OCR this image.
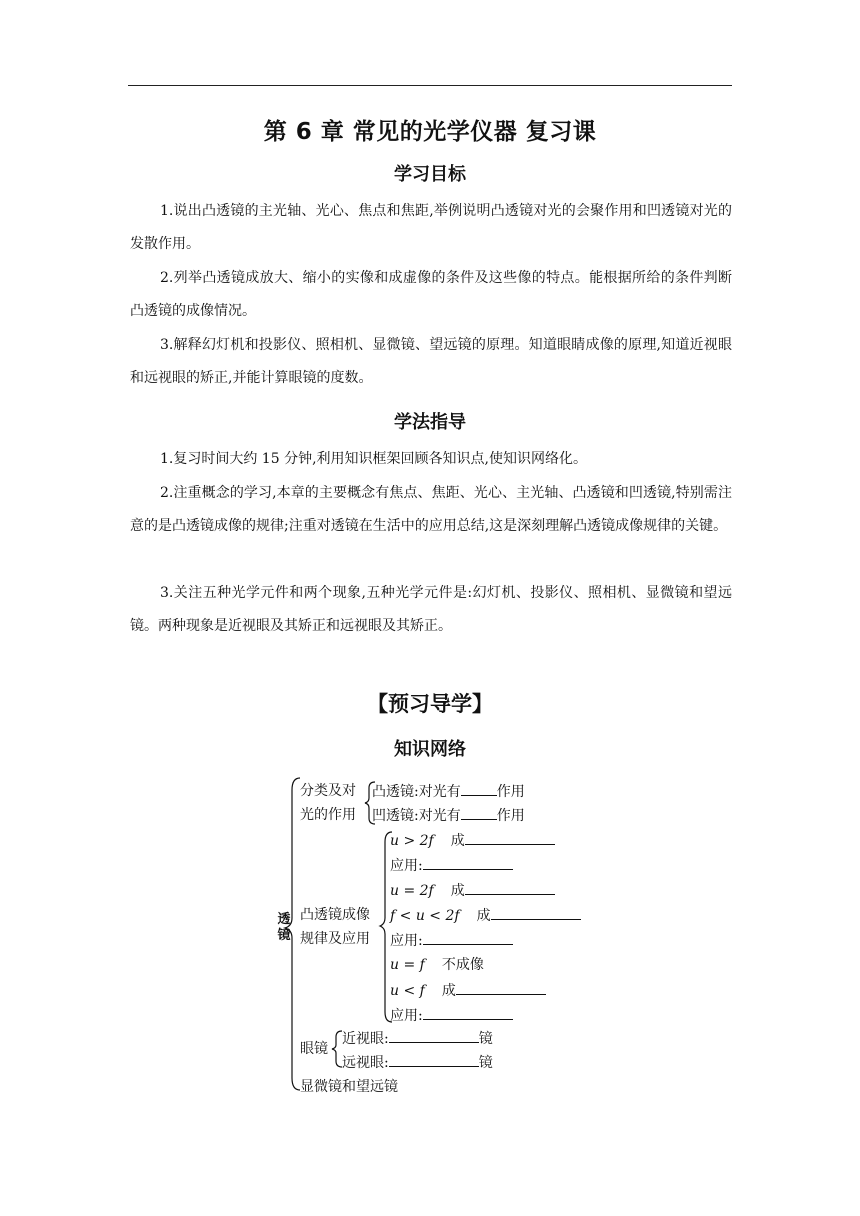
第 6 章 常见的光学仪器 复习课
学习目标
1.说出凸透镜的主光轴、光心、焦点和焦距,举例说明凸透镜对光的会聚作用和凹透镜对光的发散作用。
2.列举凸透镜成放大、缩小的实像和成虚像的条件及这些像的特点。能根据所给的条件判断凸透镜的成像情况。
3.解释幻灯机和投影仪、照相机、显微镜、望远镜的原理。知道眼睛成像的原理,知道近视眼和远视眼的矫正,并能计算眼镜的度数。
学法指导
1.复习时间大约 15 分钟,利用知识框架回顾各知识点,使知识网络化。
2.注重概念的学习,本章的主要概念有焦点、焦距、光心、主光轴、凸透镜和凹透镜,特别需注意的是凸透镜成像的规律;注重对透镜在生活中的应用总结,这是深刻理解凸透镜成像规律的关键。
3.关注五种光学元件和两个现象,五种光学元件是:幻灯机、投影仪、照相机、显微镜和望远镜。两种现象是近视眼及其矫正和远视眼及其矫正。
【预习导学】
知识网络
透镜
分类及对
光的作用
凸透镜:对光有	作用
凹透镜:对光有	作用
凸透镜成像
规律及应用
u > 2f 成
应用:
u = 2f 成
f < u < 2f 成
应用:
u = f 不成像
u < f 成
应用:
眼镜
近视眼:	镜
远视眼:	镜
显微镜和望远镜
